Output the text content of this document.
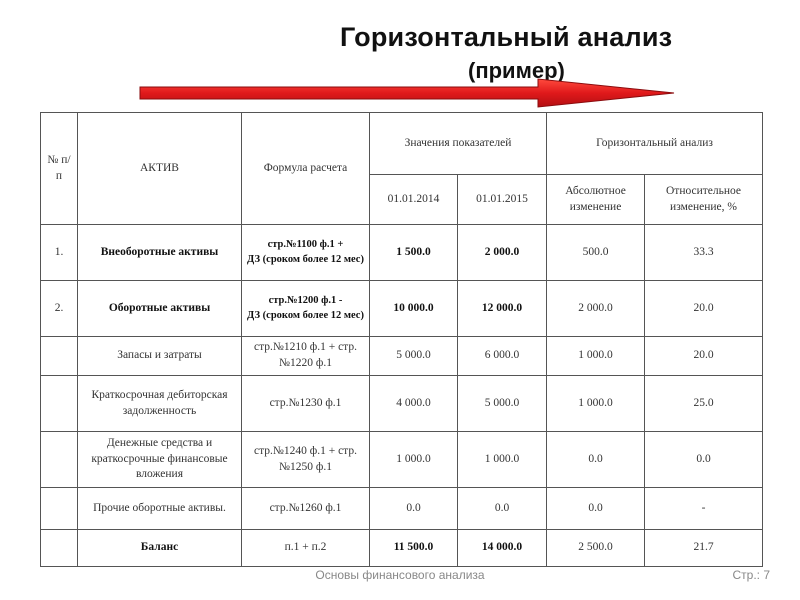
Горизонтальный анализ
(пример)
№ п/п	АКТИВ	Формула расчета	Значения показателей		Горизонтальный анализ	
			01.01.2014	01.01.2015	Абсолютное изменение	Относительное изменение, %
1.	Внеоборотные активы	стр.№1100 ф.1 +
ДЗ (сроком более 12 мес)	1 500.0	2 000.0	500.0	33.3
2.	Оборотные активы	стр.№1200 ф.1 -
ДЗ (сроком более 12 мес)	10 000.0	12 000.0	2 000.0	20.0
	Запасы и затраты	стр.№1210 ф.1 + стр.№1220 ф.1	5 000.0	6 000.0	1 000.0	20.0
	Краткосрочная дебиторская задолженность	стр.№1230 ф.1	4 000.0	5 000.0	1 000.0	25.0
	Денежные средства и краткосрочные финансовые вложения	стр.№1240 ф.1 + стр.№1250 ф.1	1 000.0	1 000.0	0.0	0.0
	Прочие оборотные активы.	стр.№1260 ф.1	0.0	0.0	0.0	-
	Баланс	п.1 + п.2	11 500.0	14 000.0	2 500.0	21.7
Основы финансового анализа	Стр.: 7
